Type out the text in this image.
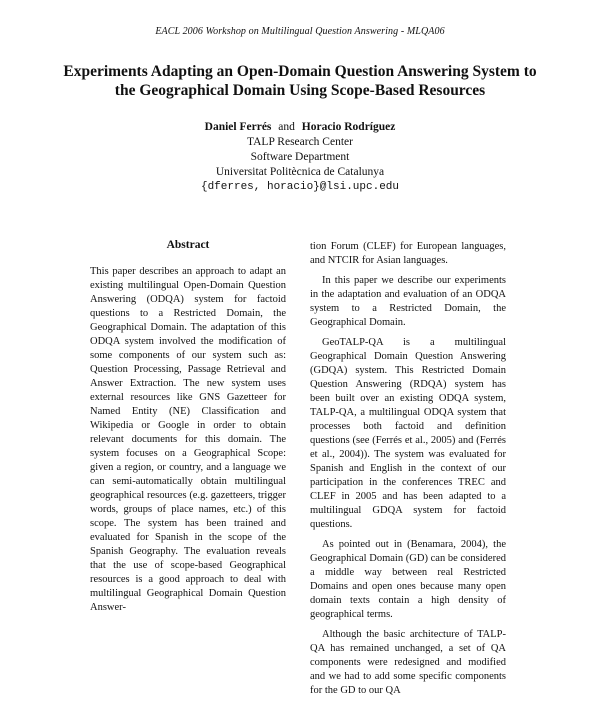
EACL 2006 Workshop on Multilingual Question Answering - MLQA06
Experiments Adapting an Open-Domain Question Answering System to
the Geographical Domain Using Scope-Based Resources
Daniel Ferrés and Horacio Rodríguez
TALP Research Center
Software Department
Universitat Politècnica de Catalunya
{dferres, horacio}@lsi.upc.edu
Abstract

This paper describes an approach to adapt an existing multilingual Open-Domain Question Answering (ODQA) system for factoid questions to a Restricted Domain, the Geographical Domain. The adaptation of this ODQA system involved the modification of some components of our system such as: Question Processing, Passage Retrieval and Answer Extraction. The new system uses external resources like GNS Gazetteer for Named Entity (NE) Classification and Wikipedia or Google in order to obtain relevant documents for this domain. The system focuses on a Geographical Scope: given a region, or country, and a language we can semi-automatically obtain multilingual geographical resources (e.g. gazetteers, trigger words, groups of place names, etc.) of this scope. The system has been trained and evaluated for Spanish in the scope of the Spanish Geography. The evaluation reveals that the use of scope-based Geographical resources is a good approach to deal with multilingual Geographical Domain Question Answer-

tion Forum (CLEF) for European languages, and NTCIR for Asian languages.

In this paper we describe our experiments in the adaptation and evaluation of an ODQA system to a Restricted Domain, the Geographical Domain.

GeoTALP-QA is a multilingual Geographical Domain Question Answering (GDQA) system. This Restricted Domain Question Answering (RDQA) system has been built over an existing ODQA system, TALP-QA, a multilingual ODQA system that processes both factoid and definition questions (see (Ferrés et al., 2005) and (Ferrés et al., 2004)). The system was evaluated for Spanish and English in the context of our participation in the conferences TREC and CLEF in 2005 and has been adapted to a multilingual GDQA system for factoid questions.

As pointed out in (Benamara, 2004), the Geographical Domain (GD) can be considered a middle way between real Restricted Domains and open ones because many open domain texts contain a high density of geographical terms.

Although the basic architecture of TALP-QA has remained unchanged, a set of QA components were redesigned and modified and we had to add some specific components for the GD to our QA
